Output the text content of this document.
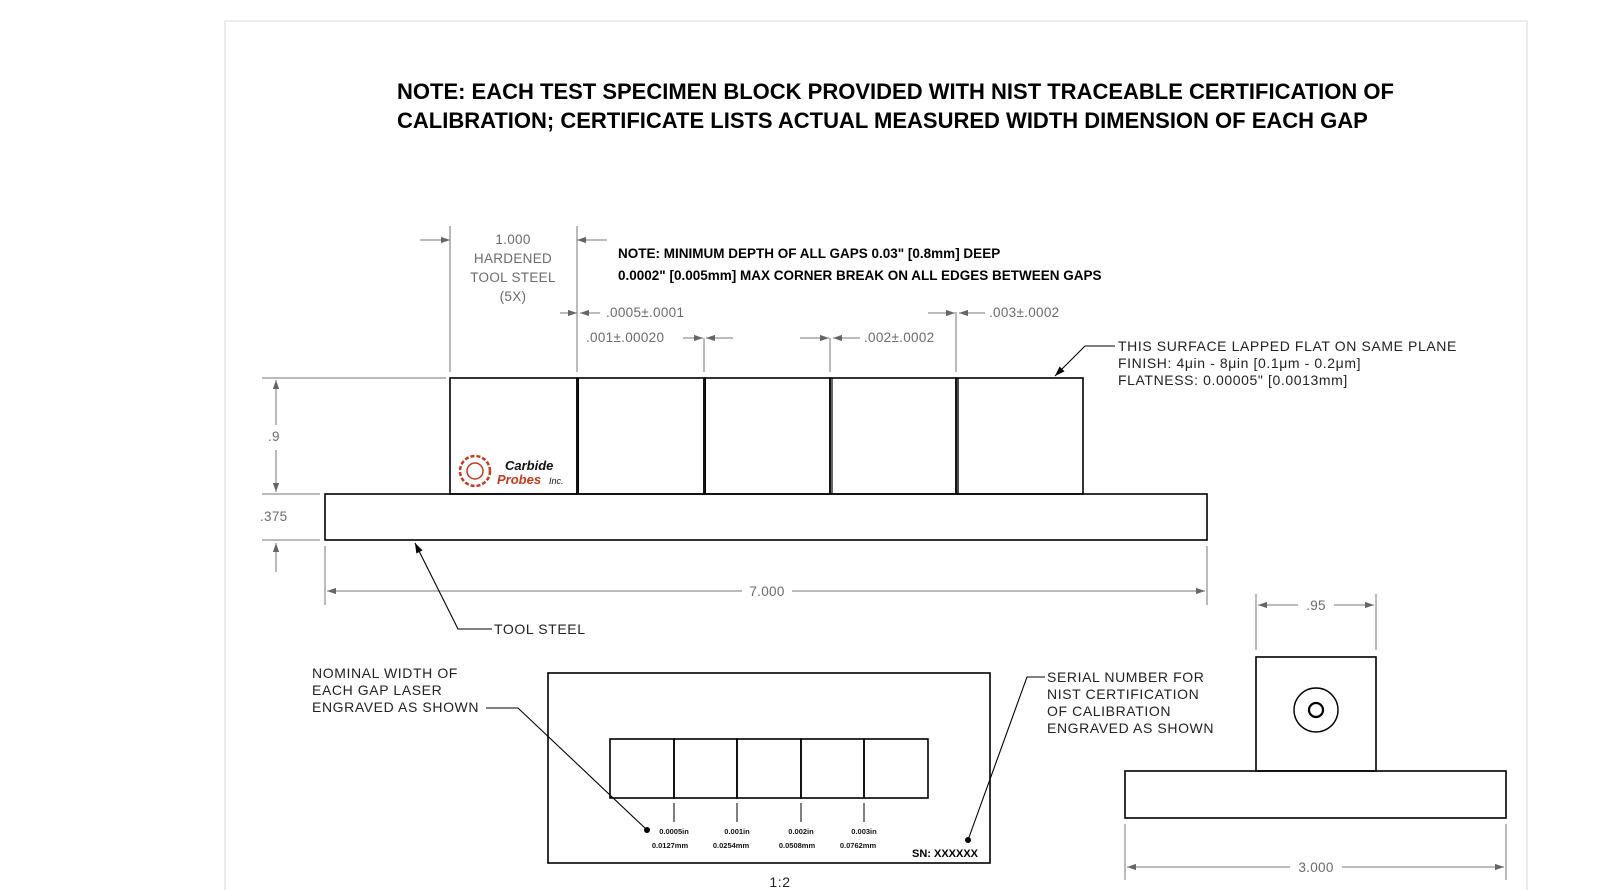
NOTE: EACH TEST SPECIMEN BLOCK PROVIDED WITH NIST TRACEABLE CERTIFICATION OF
CALIBRATION; CERTIFICATE LISTS ACTUAL MEASURED WIDTH DIMENSION OF EACH GAP
NOTE: MINIMUM DEPTH OF ALL GAPS 0.03" [0.8mm] DEEP
0.0002" [0.005mm] MAX CORNER BREAK ON ALL EDGES BETWEEN GAPS
Carbide
Probes Inc.
1.000
HARDENED
TOOL STEEL
(5X)
.0005±.0001
.001±.00020	.002±.0002
.003±.0002
.9
.375
7.000
THIS SURFACE LAPPED FLAT ON SAME PLANE
FINISH: 4μin - 8μin [0.1μm - 0.2μm]
FLATNESS: 0.00005" [0.0013mm]
TOOL STEEL
0.0005in
0.0127mm
0.001in
0.0254mm
0.002in
0.0508mm
0.003in
0.0762mm
SN: XXXXXX
1:2
NOMINAL WIDTH OF
EACH GAP LASER
ENGRAVED AS SHOWN
SERIAL NUMBER FOR
NIST CERTIFICATION
OF CALIBRATION
ENGRAVED AS SHOWN
.95
3.000
